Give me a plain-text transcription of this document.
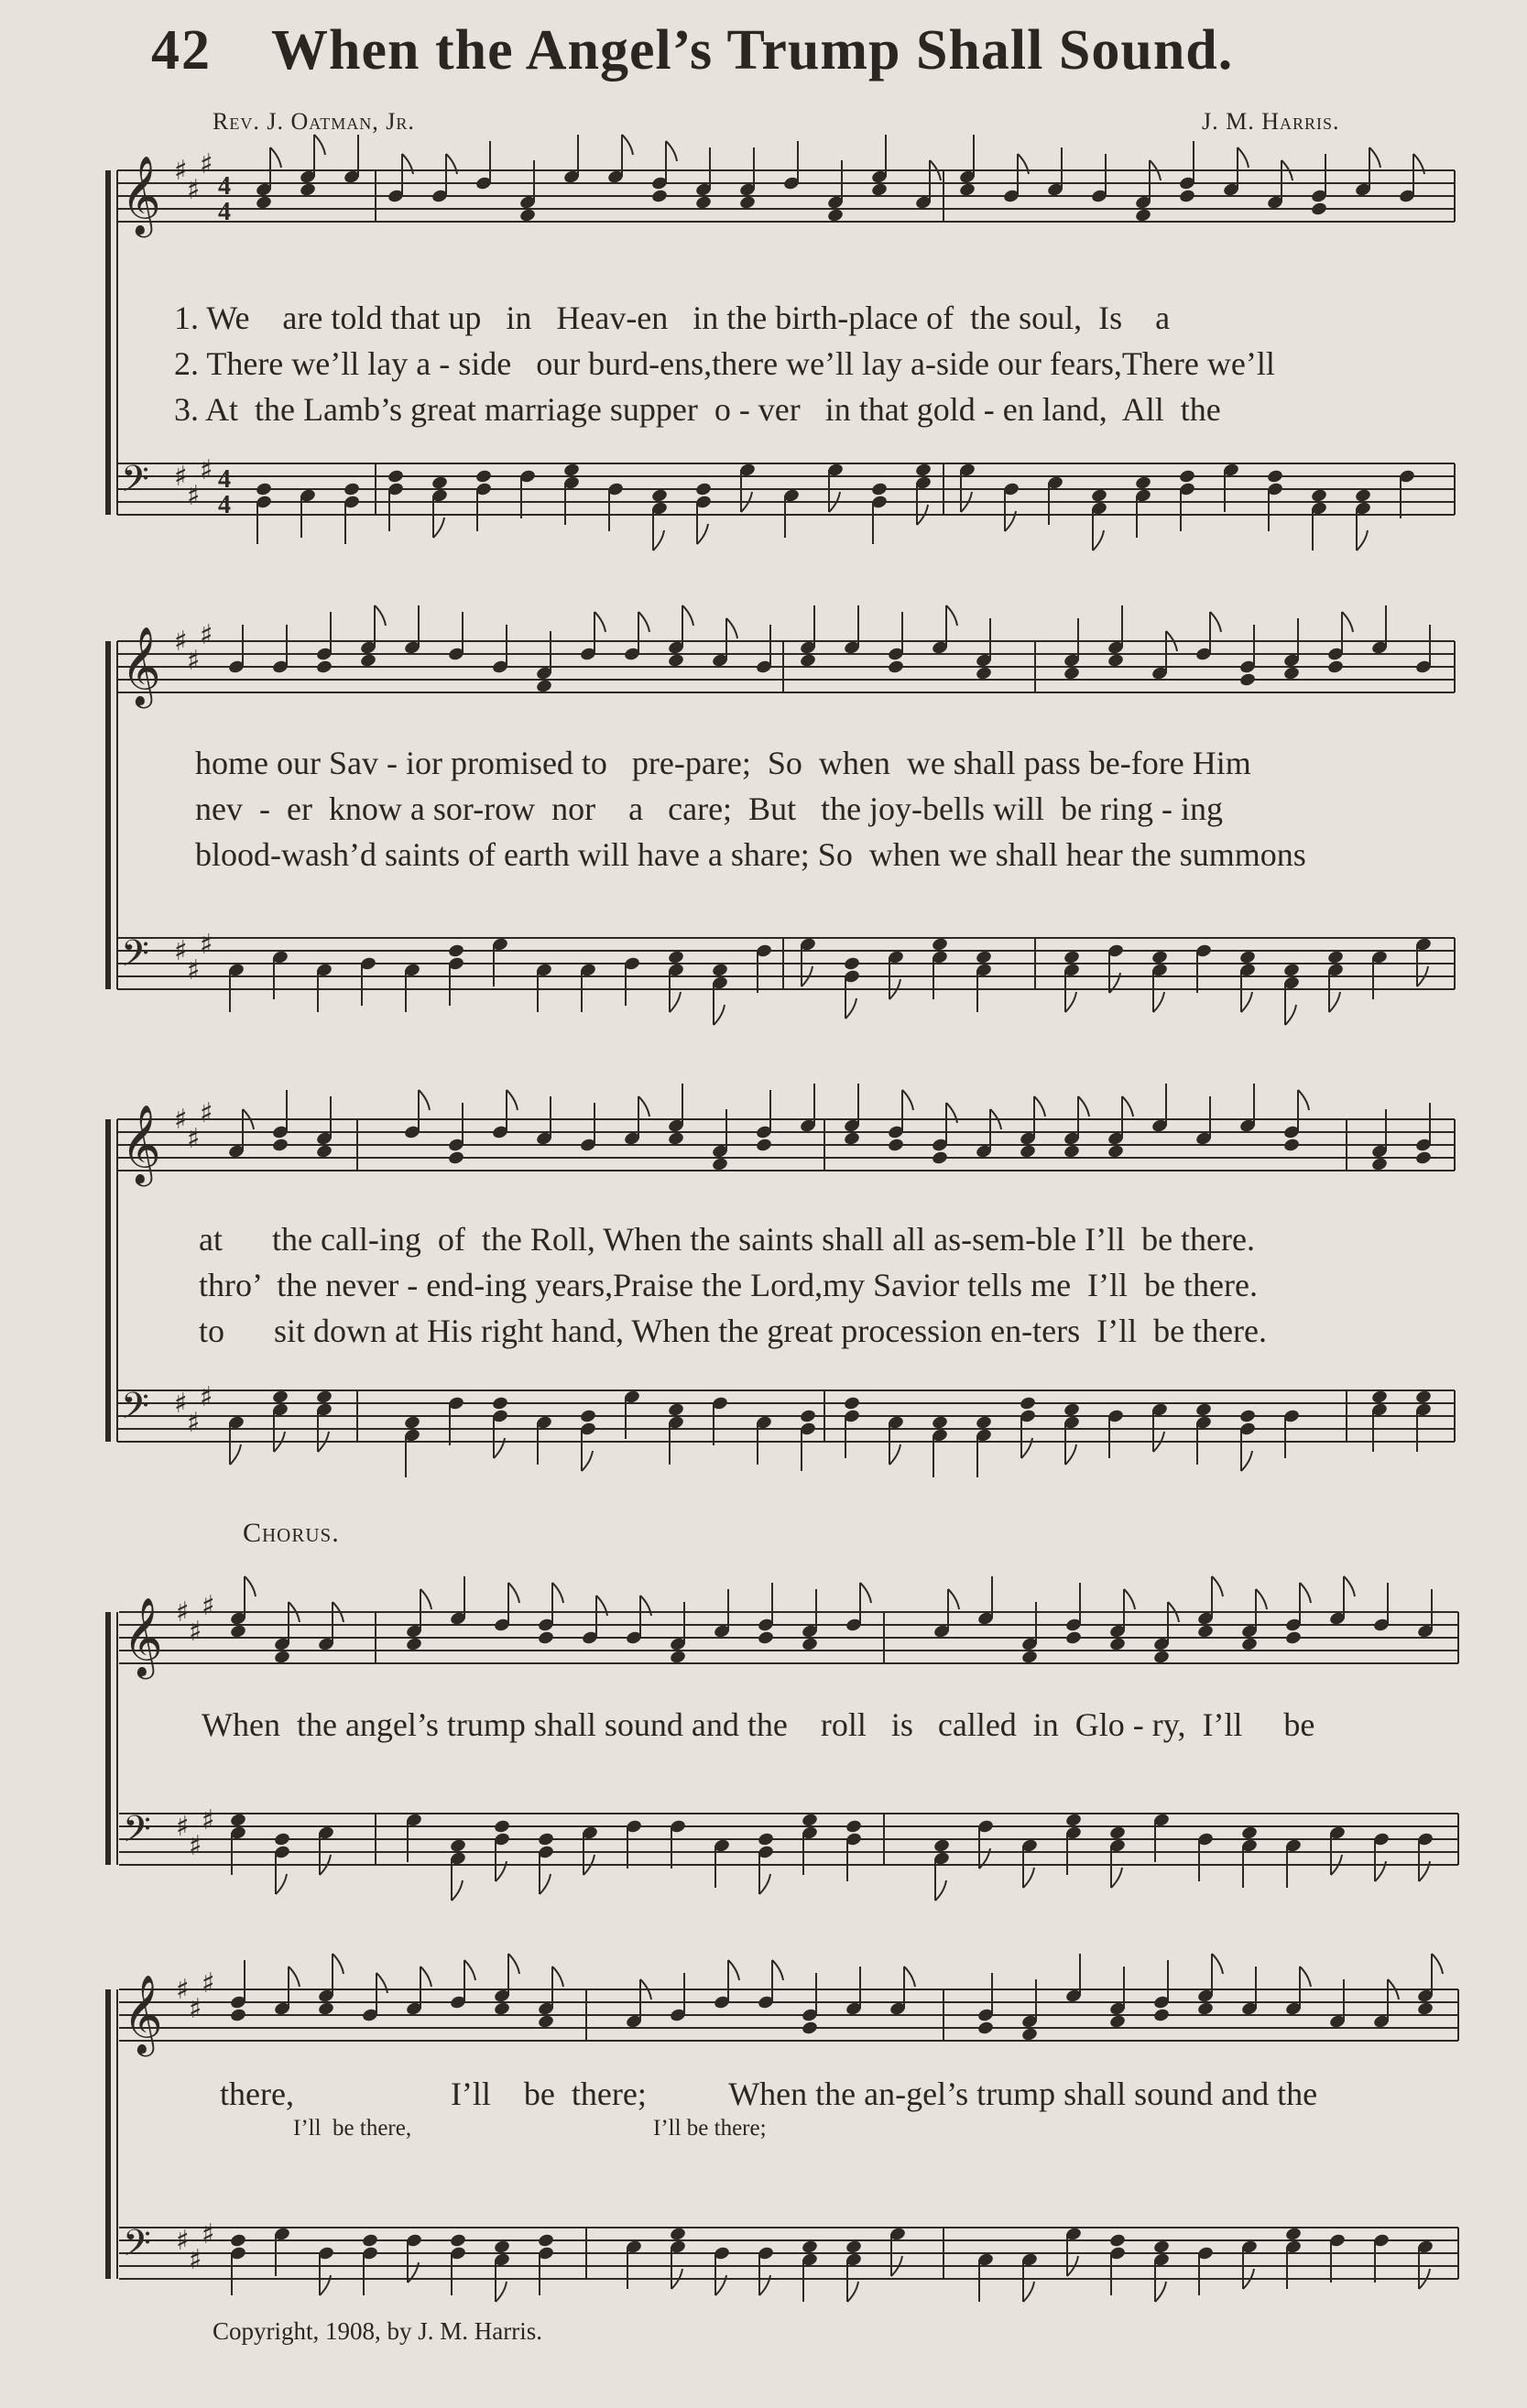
42 When the Angel’s Trump Shall Sound.
Rev. J. Oatman, Jr.	J. M. Harris.
𝄞 ♯
♯
♯
4
4
𝄢 ♯
♯
♯ 4
4
𝄞 ♯
♯
♯
𝄢 ♯
♯
♯
𝄞 ♯
♯
♯
𝄢 ♯
♯
♯
𝄞 ♯
♯
♯
𝄢 ♯
♯
♯
𝄞 ♯
♯
♯
𝄢 ♯
♯
♯
1. We    are told that up   in   Heav-en   in the birth-place of  the soul,  Is    a
2. There we’ll lay a - side   our burd-ens,there we’ll lay a-side our fears,There we’ll
3. At  the Lamb’s great marriage supper  o - ver   in that gold - en land,  All  the
home our Sav - ior promised to   pre-pare;  So  when  we shall pass be-fore Him
nev  -  er  know a sor-row  nor    a   care;  But   the joy-bells will  be ring - ing
blood-wash’d saints of earth will have a share; So  when we shall hear the summons
at      the call-ing  of  the Roll, When the saints shall all as-sem-ble I’ll  be there.
thro’  the never - end-ing years,Praise the Lord,my Savior tells me  I’ll  be there.
to      sit down at His right hand, When the great procession en-ters  I’ll  be there.
Chorus.
When  the angel’s trump shall sound and the    roll   is   called  in  Glo - ry,  I’ll     be
there,                   I’ll    be  there;          When the an-gel’s trump shall sound and the
I’ll  be there,	I’ll be there;
Copyright, 1908, by J. M. Harris.
